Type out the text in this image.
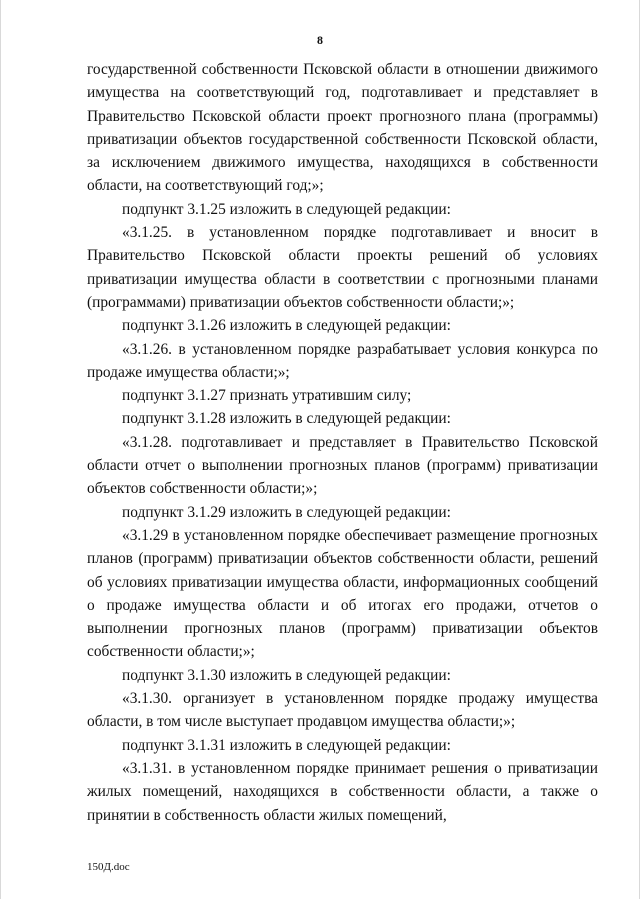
8

государственной собственности Псковской области в отношении движимого имущества на соответствующий год, подготавливает и представляет в Правительство Псковской области проект прогнозного плана (программы) приватизации объектов государственной собственности Псковской области, за исключением движимого имущества, находящихся в собственности области, на соответствующий год;»;

подпункт 3.1.25 изложить в следующей редакции:

«3.1.25. в установленном порядке подготавливает и вносит в Правительство Псковской области проекты решений об условиях приватизации имущества области в соответствии с прогнозными планами (программами) приватизации объектов собственности области;»;

подпункт 3.1.26 изложить в следующей редакции:

«3.1.26. в установленном порядке разрабатывает условия конкурса по продаже имущества области;»;

подпункт 3.1.27 признать утратившим силу;

подпункт 3.1.28 изложить в следующей редакции:

«3.1.28. подготавливает и представляет в Правительство Псковской области отчет о выполнении прогнозных планов (программ) приватизации объектов собственности области;»;

подпункт 3.1.29 изложить в следующей редакции:

«3.1.29 в установленном порядке обеспечивает размещение прогнозных планов (программ) приватизации объектов собственности области, решений об условиях приватизации имущества области, информационных сообщений о продаже имущества области и об итогах его продажи, отчетов о выполнении прогнозных планов (программ) приватизации объектов собственности области;»;

подпункт 3.1.30 изложить в следующей редакции:

«3.1.30. организует в установленном порядке продажу имущества области, в том числе выступает продавцом имущества области;»;

подпункт 3.1.31 изложить в следующей редакции:

«3.1.31. в установленном порядке принимает решения о приватизации жилых помещений, находящихся в собственности области, а также о принятии в собственность области жилых помещений,

150Д.doc
